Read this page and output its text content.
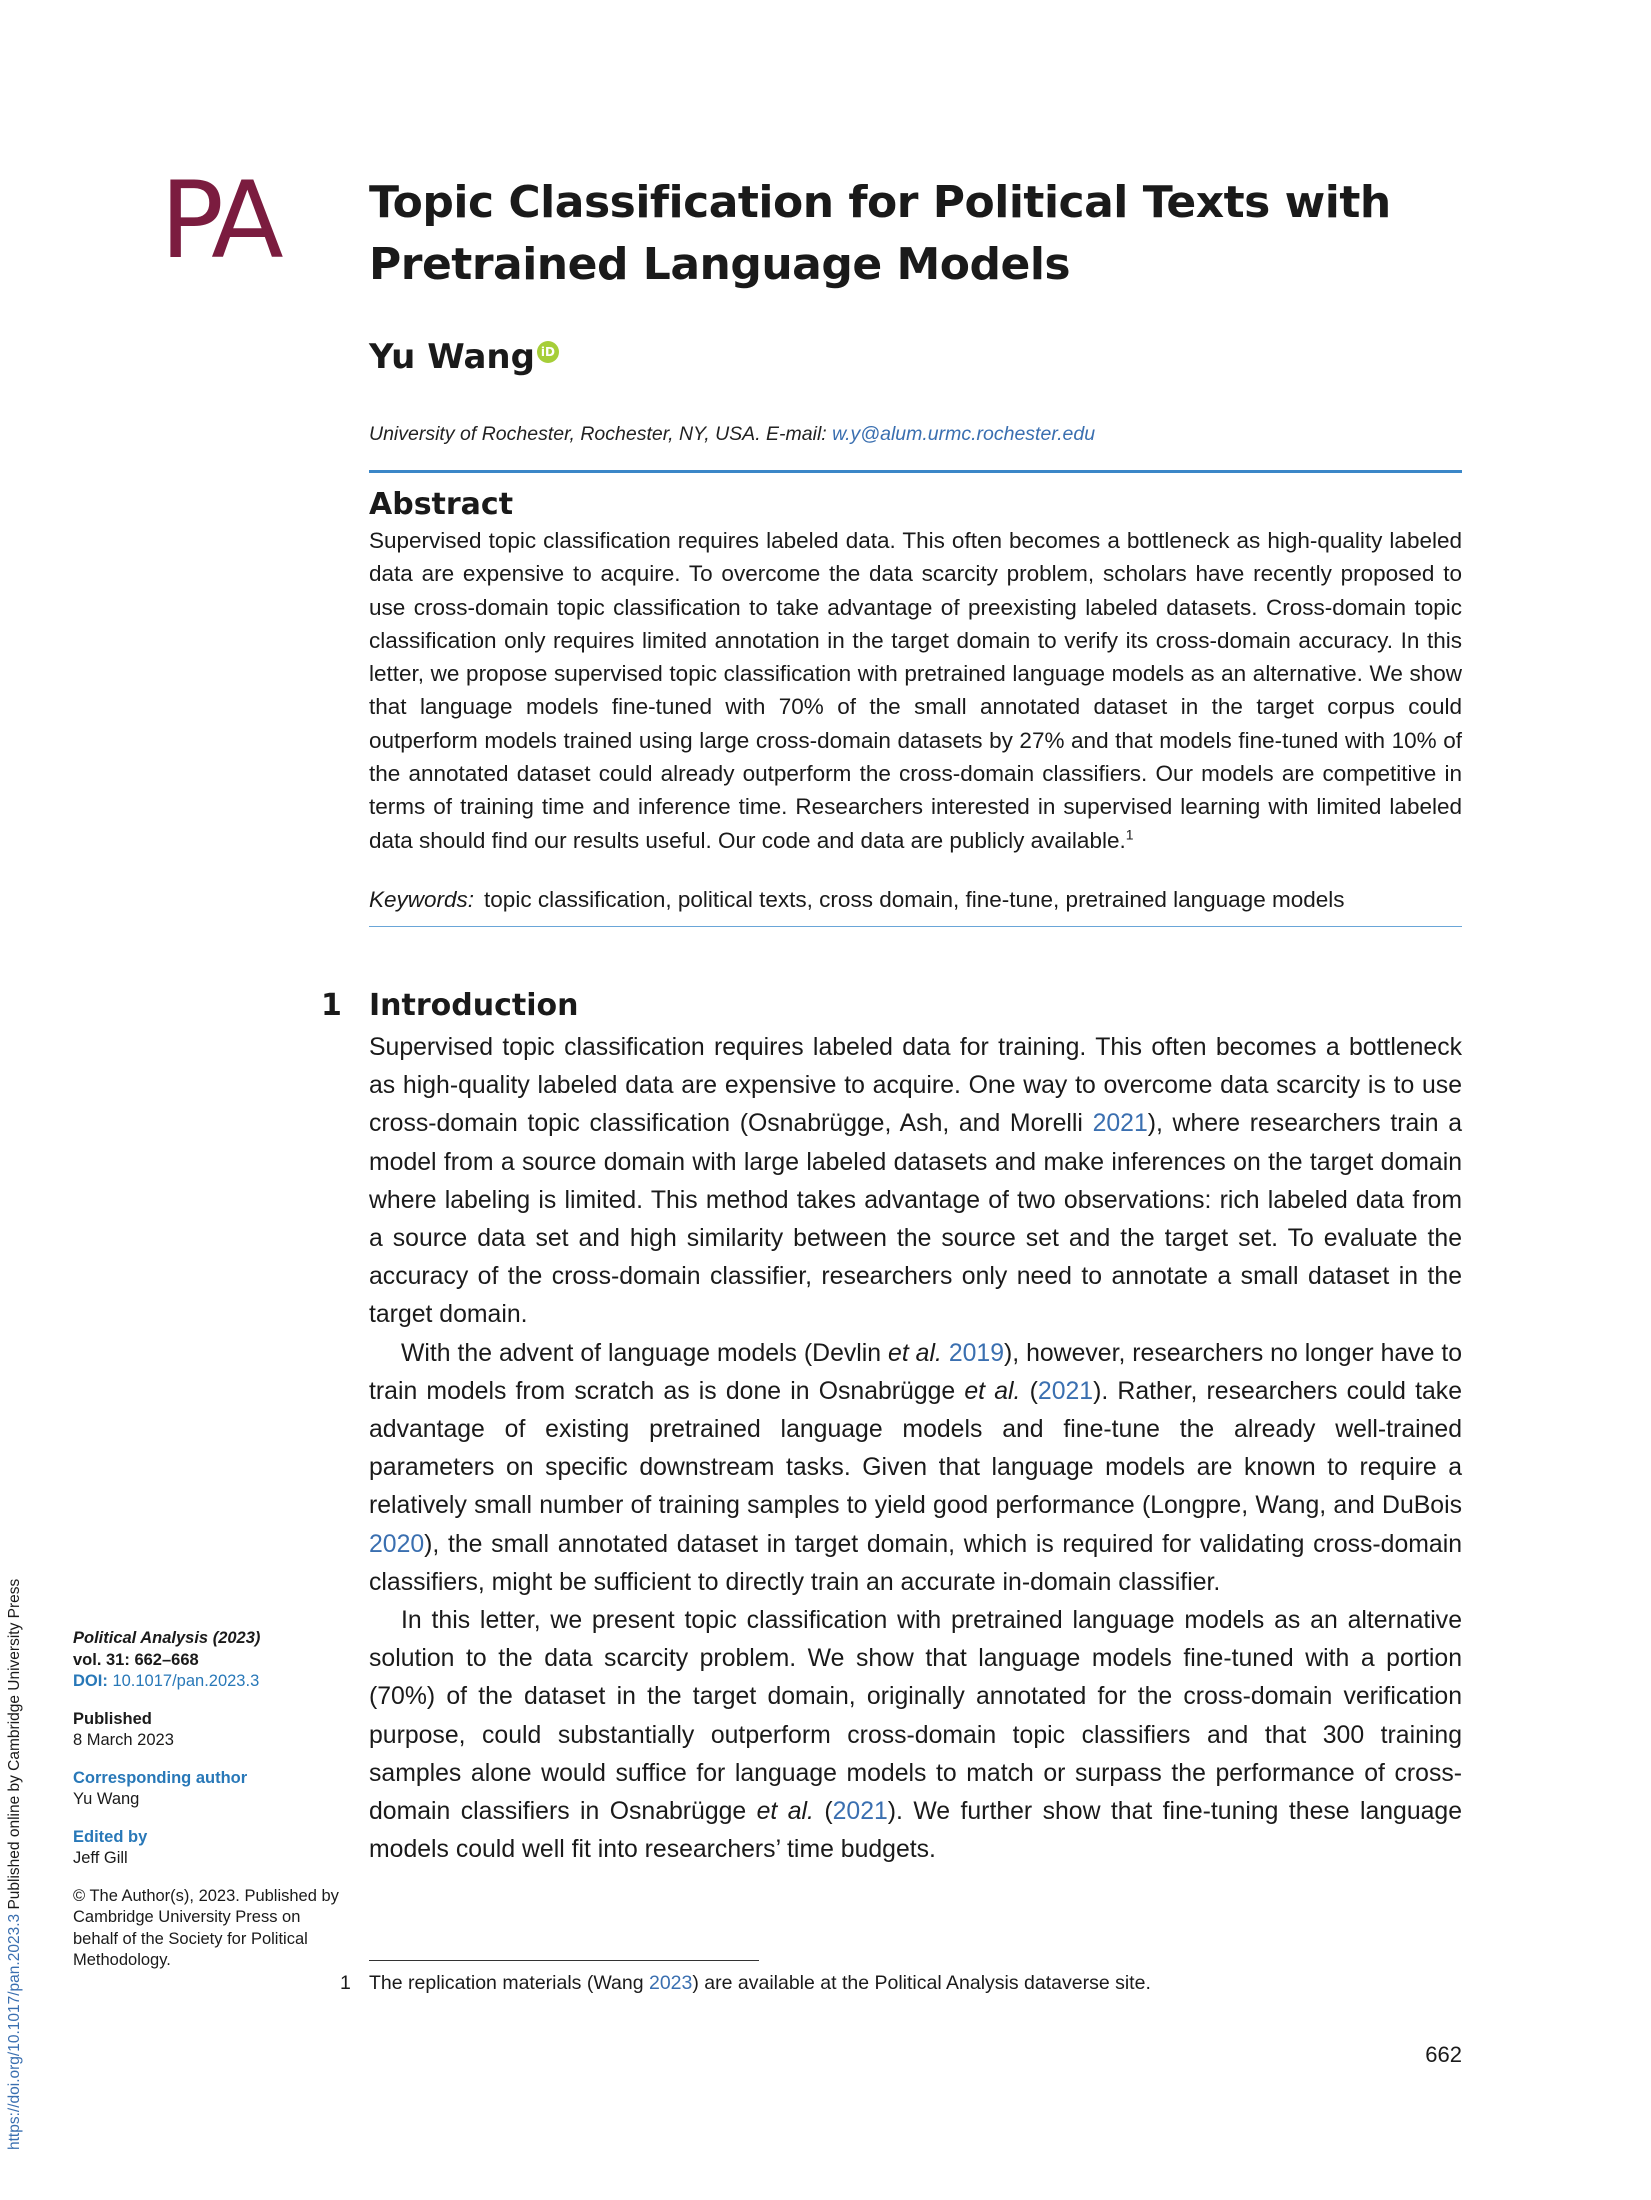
PA	Topic Classification for Political Texts with
Pretrained Language Models
Yu Wang iD
University of Rochester, Rochester, NY, USA. E-mail: w.y@alum.urmc.rochester.edu
Abstract

Supervised topic classification requires labeled data. This often becomes a bottleneck as high-quality labeled data are expensive to acquire. To overcome the data scarcity problem, scholars have recently proposed to use cross-domain topic classification to take advantage of preexisting labeled datasets. Cross-domain topic classification only requires limited annotation in the target domain to verify its cross-domain accuracy. In this letter, we propose supervised topic classification with pretrained language models as an alternative. We show that language models fine-tuned with 70% of the small annotated dataset in the target corpus could outperform models trained using large cross-domain datasets by 27% and that models fine-tuned with 10% of the annotated dataset could already outperform the cross-domain classifiers. Our models are competitive in terms of training time and inference time. Researchers interested in supervised learning with limited labeled data should find our results useful. Our code and data are publicly available.$^1$

Keywords: topic classification, political texts, cross domain, fine-tune, pretrained language models
1 Introduction

Supervised topic classification requires labeled data for training. This often becomes a bottleneck as high-quality labeled data are expensive to acquire. One way to overcome data scarcity is to use cross-domain topic classification (Osnabrügge, Ash, and Morelli 2021), where researchers train a model from a source domain with large labeled datasets and make inferences on the target domain where labeling is limited. This method takes advantage of two observations: rich labeled data from a source data set and high similarity between the source set and the target set. To evaluate the accuracy of the cross-domain classifier, researchers only need to annotate a small dataset in the target domain.

With the advent of language models (Devlin et al. 2019), however, researchers no longer have to train models from scratch as is done in Osnabrügge et al. (2021). Rather, researchers could take advantage of existing pretrained language models and fine-tune the already well-trained parameters on specific downstream tasks. Given that language models are known to require a relatively small number of training samples to yield good performance (Longpre, Wang, and DuBois 2020), the small annotated dataset in target domain, which is required for validating cross-domain classifiers, might be sufficient to directly train an accurate in-domain classifier.

In this letter, we present topic classification with pretrained language models as an alternative solution to the data scarcity problem. We show that language models fine-tuned with a portion (70%) of the dataset in the target domain, originally annotated for the cross-domain verification purpose, could substantially outperform cross-domain topic classifiers and that 300 training samples alone would suffice for language models to match or surpass the performance of cross-domain classifiers in Osnabrügge et al. (2021). We further show that fine-tuning these language models could well fit into researchers’ time budgets.

Political Analysis (2023)
vol. 31: 662–668
DOI: 10.1017/pan.2023.3
Published
8 March 2023
Corresponding author
Yu Wang
Edited by
Jeff Gill
© The Author(s), 2023. Published by Cambridge University Press on behalf of the Society for Political Methodology.
https://doi.org/10.1017/pan.2023.3 Published online by Cambridge University Press
1 The replication materials (Wang 2023) are available at the Political Analysis dataverse site.
662
